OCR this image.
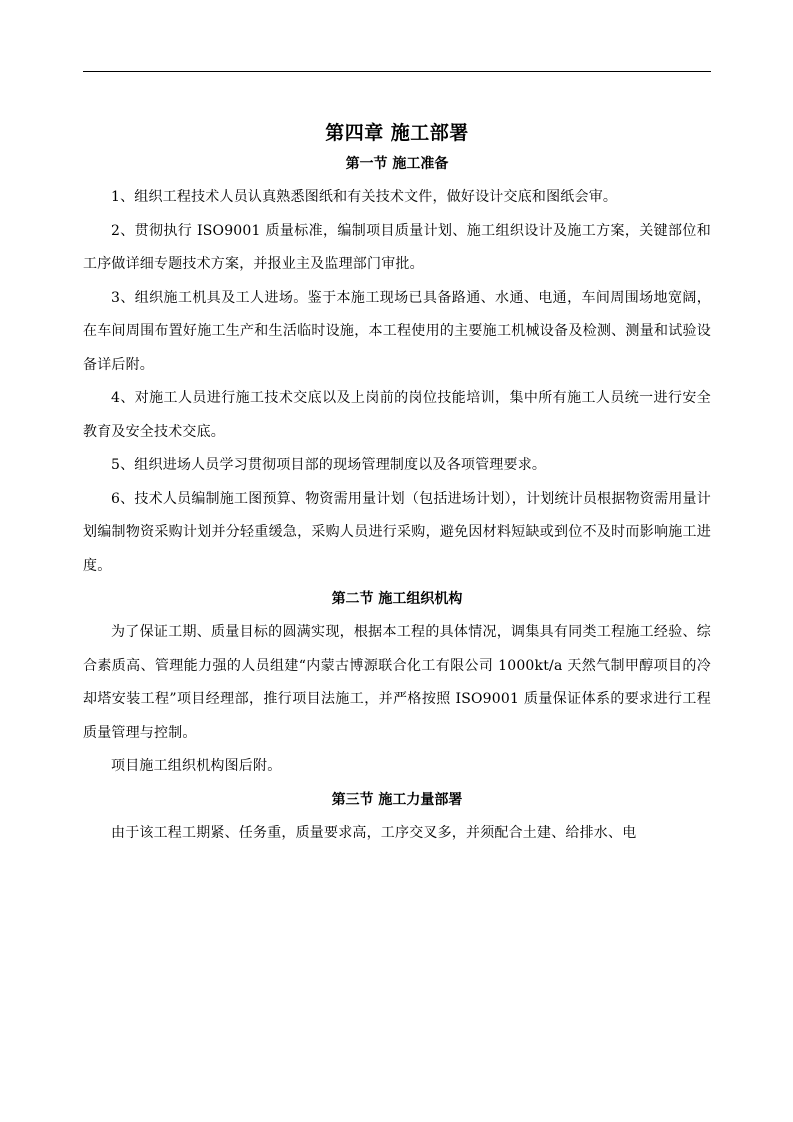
第四章 施工部署
第一节 施工准备

1、组织工程技术人员认真熟悉图纸和有关技术文件，做好设计交底和图纸会审。

2、贯彻执行 ISO9001 质量标准，编制项目质量计划、施工组织设计及施工方案，关键部位和工序做详细专题技术方案，并报业主及监理部门审批。

3、组织施工机具及工人进场。鉴于本施工现场已具备路通、水通、电通，车间周围场地宽阔，在车间周围布置好施工生产和生活临时设施，本工程使用的主要施工机械设备及检测、测量和试验设备详后附。

4、对施工人员进行施工技术交底以及上岗前的岗位技能培训，集中所有施工人员统一进行安全教育及安全技术交底。

5、组织进场人员学习贯彻项目部的现场管理制度以及各项管理要求。

6、技术人员编制施工图预算、物资需用量计划（包括进场计划），计划统计员根据物资需用量计划编制物资采购计划并分轻重缓急，采购人员进行采购，避免因材料短缺或到位不及时而影响施工进度。

第二节 施工组织机构

为了保证工期、质量目标的圆满实现，根据本工程的具体情况，调集具有同类工程施工经验、综合素质高、管理能力强的人员组建“内蒙古博源联合化工有限公司 1000kt/a 天然气制甲醇项目的冷却塔安装工程”项目经理部，推行项目法施工，并严格按照 ISO9001 质量保证体系的要求进行工程质量管理与控制。

项目施工组织机构图后附。

第三节 施工力量部署

由于该工程工期紧、任务重，质量要求高，工序交叉多，并须配合土建、给排水、电
